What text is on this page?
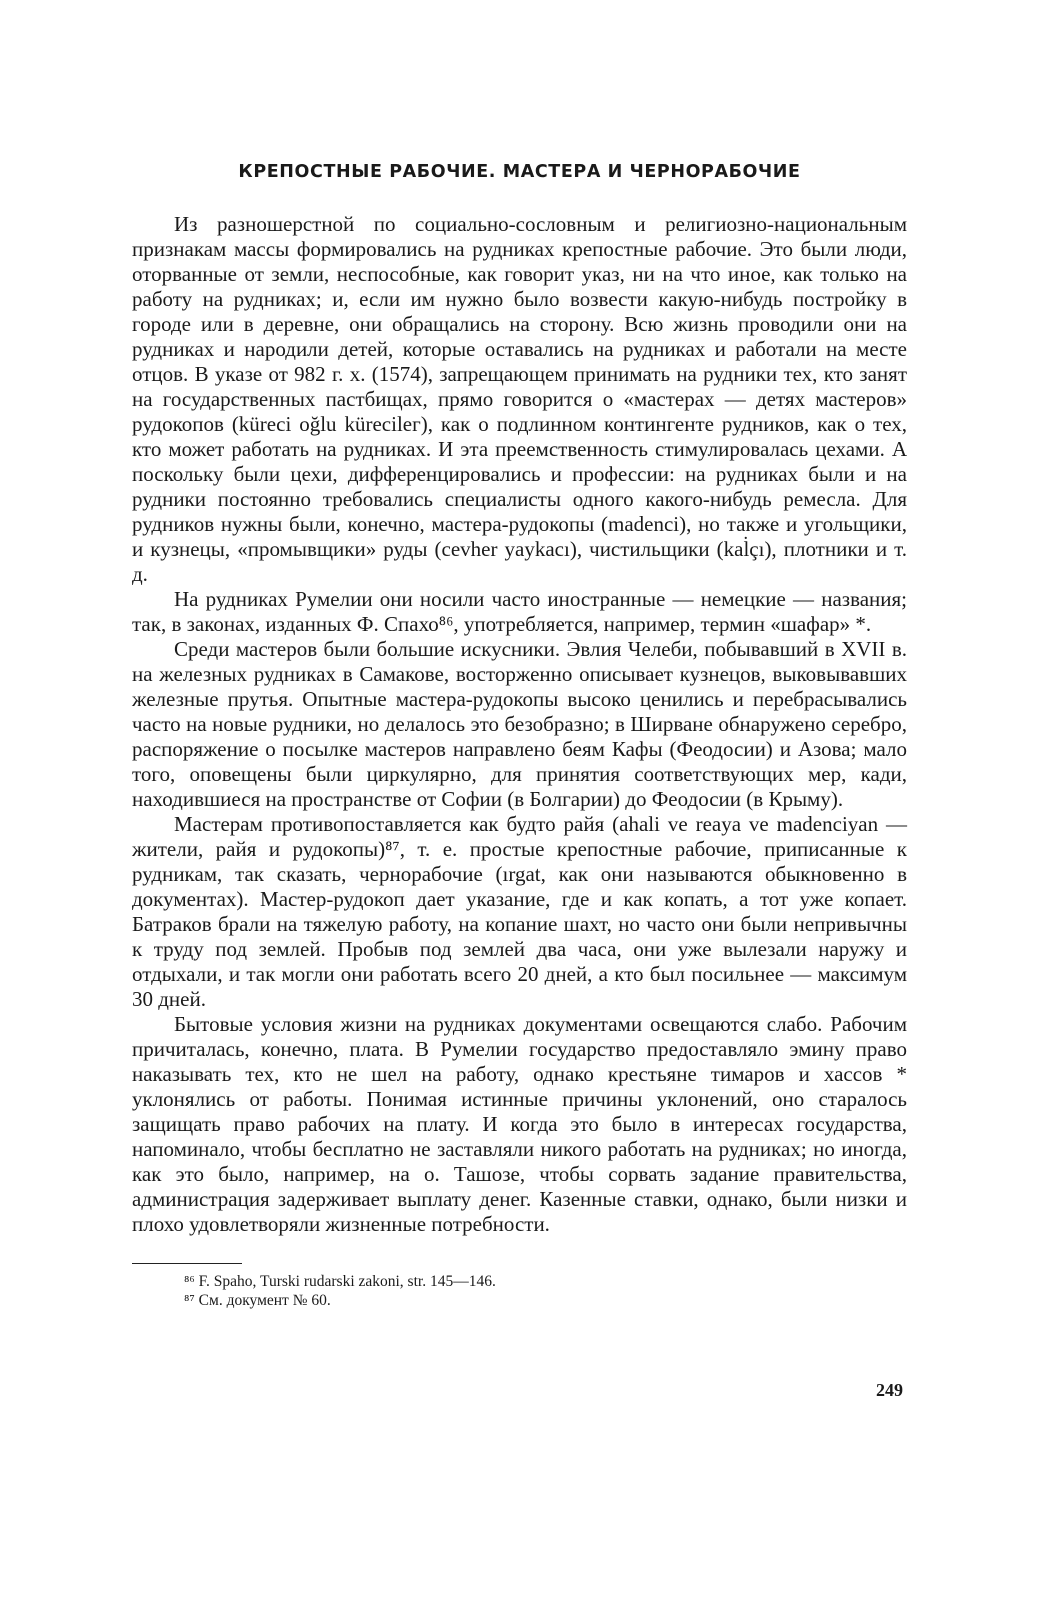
КРЕПОСТНЫЕ РАБОЧИЕ. МАСТЕРА И ЧЕРНОРАБОЧИЕ

Из разношерстной по социально-сословным и религиозно-национальным признакам массы формировались на рудниках крепостные рабочие. Это были люди, оторванные от земли, неспособные, как говорит указ, ни на что иное, как только на работу на рудниках; и, если им нужно было возвести какую-нибудь постройку в городе или в деревне, они обращались на сторону. Всю жизнь проводили они на рудниках и народили детей, которые оставались на рудниках и работали на месте отцов. В указе от 982 г. х. (1574), запрещающем принимать на рудники тех, кто занят на государственных пастбищах, прямо говорится о «мастерах — детях мастеров» рудокопов (kürеci oğlu kürecileг), как о подлинном контингенте рудников, как о тех, кто может работать на рудниках. И эта преемственность стимулировалась цехами. А поскольку были цехи, дифференцировались и профессии: на рудниках были и на рудники постоянно требовались специалисты одного какого-нибудь ремесла. Для рудников нужны были, конечно, мастера-рудокопы (madenci), но также и угольщики, и кузнецы, «промывщики» руды (cevher yaykacı), чистильщики (kal̇çı), плотники и т. д.

На рудниках Румелии они носили часто иностранные — немецкие — названия; так, в законах, изданных Ф. Спахо⁸⁶, употребляется, например, термин «шафар» *.

Среди мастеров были большие искусники. Эвлия Челеби, побывавший в XVII в. на железных рудниках в Самакове, восторженно описывает кузнецов, выковывавших железные прутья. Опытные мастера-рудокопы высоко ценились и перебрасывались часто на новые рудники, но делалось это безобразно; в Ширване обнаружено серебро, распоряжение о посылке мастеров направлено беям Кафы (Феодосии) и Азова; мало того, оповещены были циркулярно, для принятия соответствующих мер, кади, находившиеся на пространстве от Софии (в Болгарии) до Феодосии (в Крыму).

Мастерам противопоставляется как будто райя (ahali ve reaya ve madenciyan — жители, райя и рудокопы)⁸⁷, т. е. простые крепостные рабочие, приписанные к рудникам, так сказать, чернорабочие (ırgat, как они называются обыкновенно в документах). Мастер-рудокоп дает указание, где и как копать, а тот уже копает. Батраков брали на тяжелую работу, на копание шахт, но часто они были непривычны к труду под землей. Пробыв под землей два часа, они уже вылезали наружу и отдыхали, и так могли они работать всего 20 дней, а кто был посильнее — максимум 30 дней.

Бытовые условия жизни на рудниках документами освещаются слабо. Рабочим причиталась, конечно, плата. В Румелии государство предоставляло эмину право наказывать тех, кто не шел на работу, однако крестьяне тимаров и хассов * уклонялись от работы. Понимая истинные причины уклонений, оно старалось защищать право рабочих на плату. И когда это было в интересах государства, напоминало, чтобы бесплатно не заставляли никого работать на рудниках; но иногда, как это было, например, на о. Ташозе, чтобы сорвать задание правительства, администрация задерживает выплату денег. Казенные ставки, однако, были низки и плохо удовлетворяли жизненные потребности.

⁸⁶ F. Spaho, Turski rudarski zakoni, str. 145—146.

⁸⁷ См. документ № 60.

249
